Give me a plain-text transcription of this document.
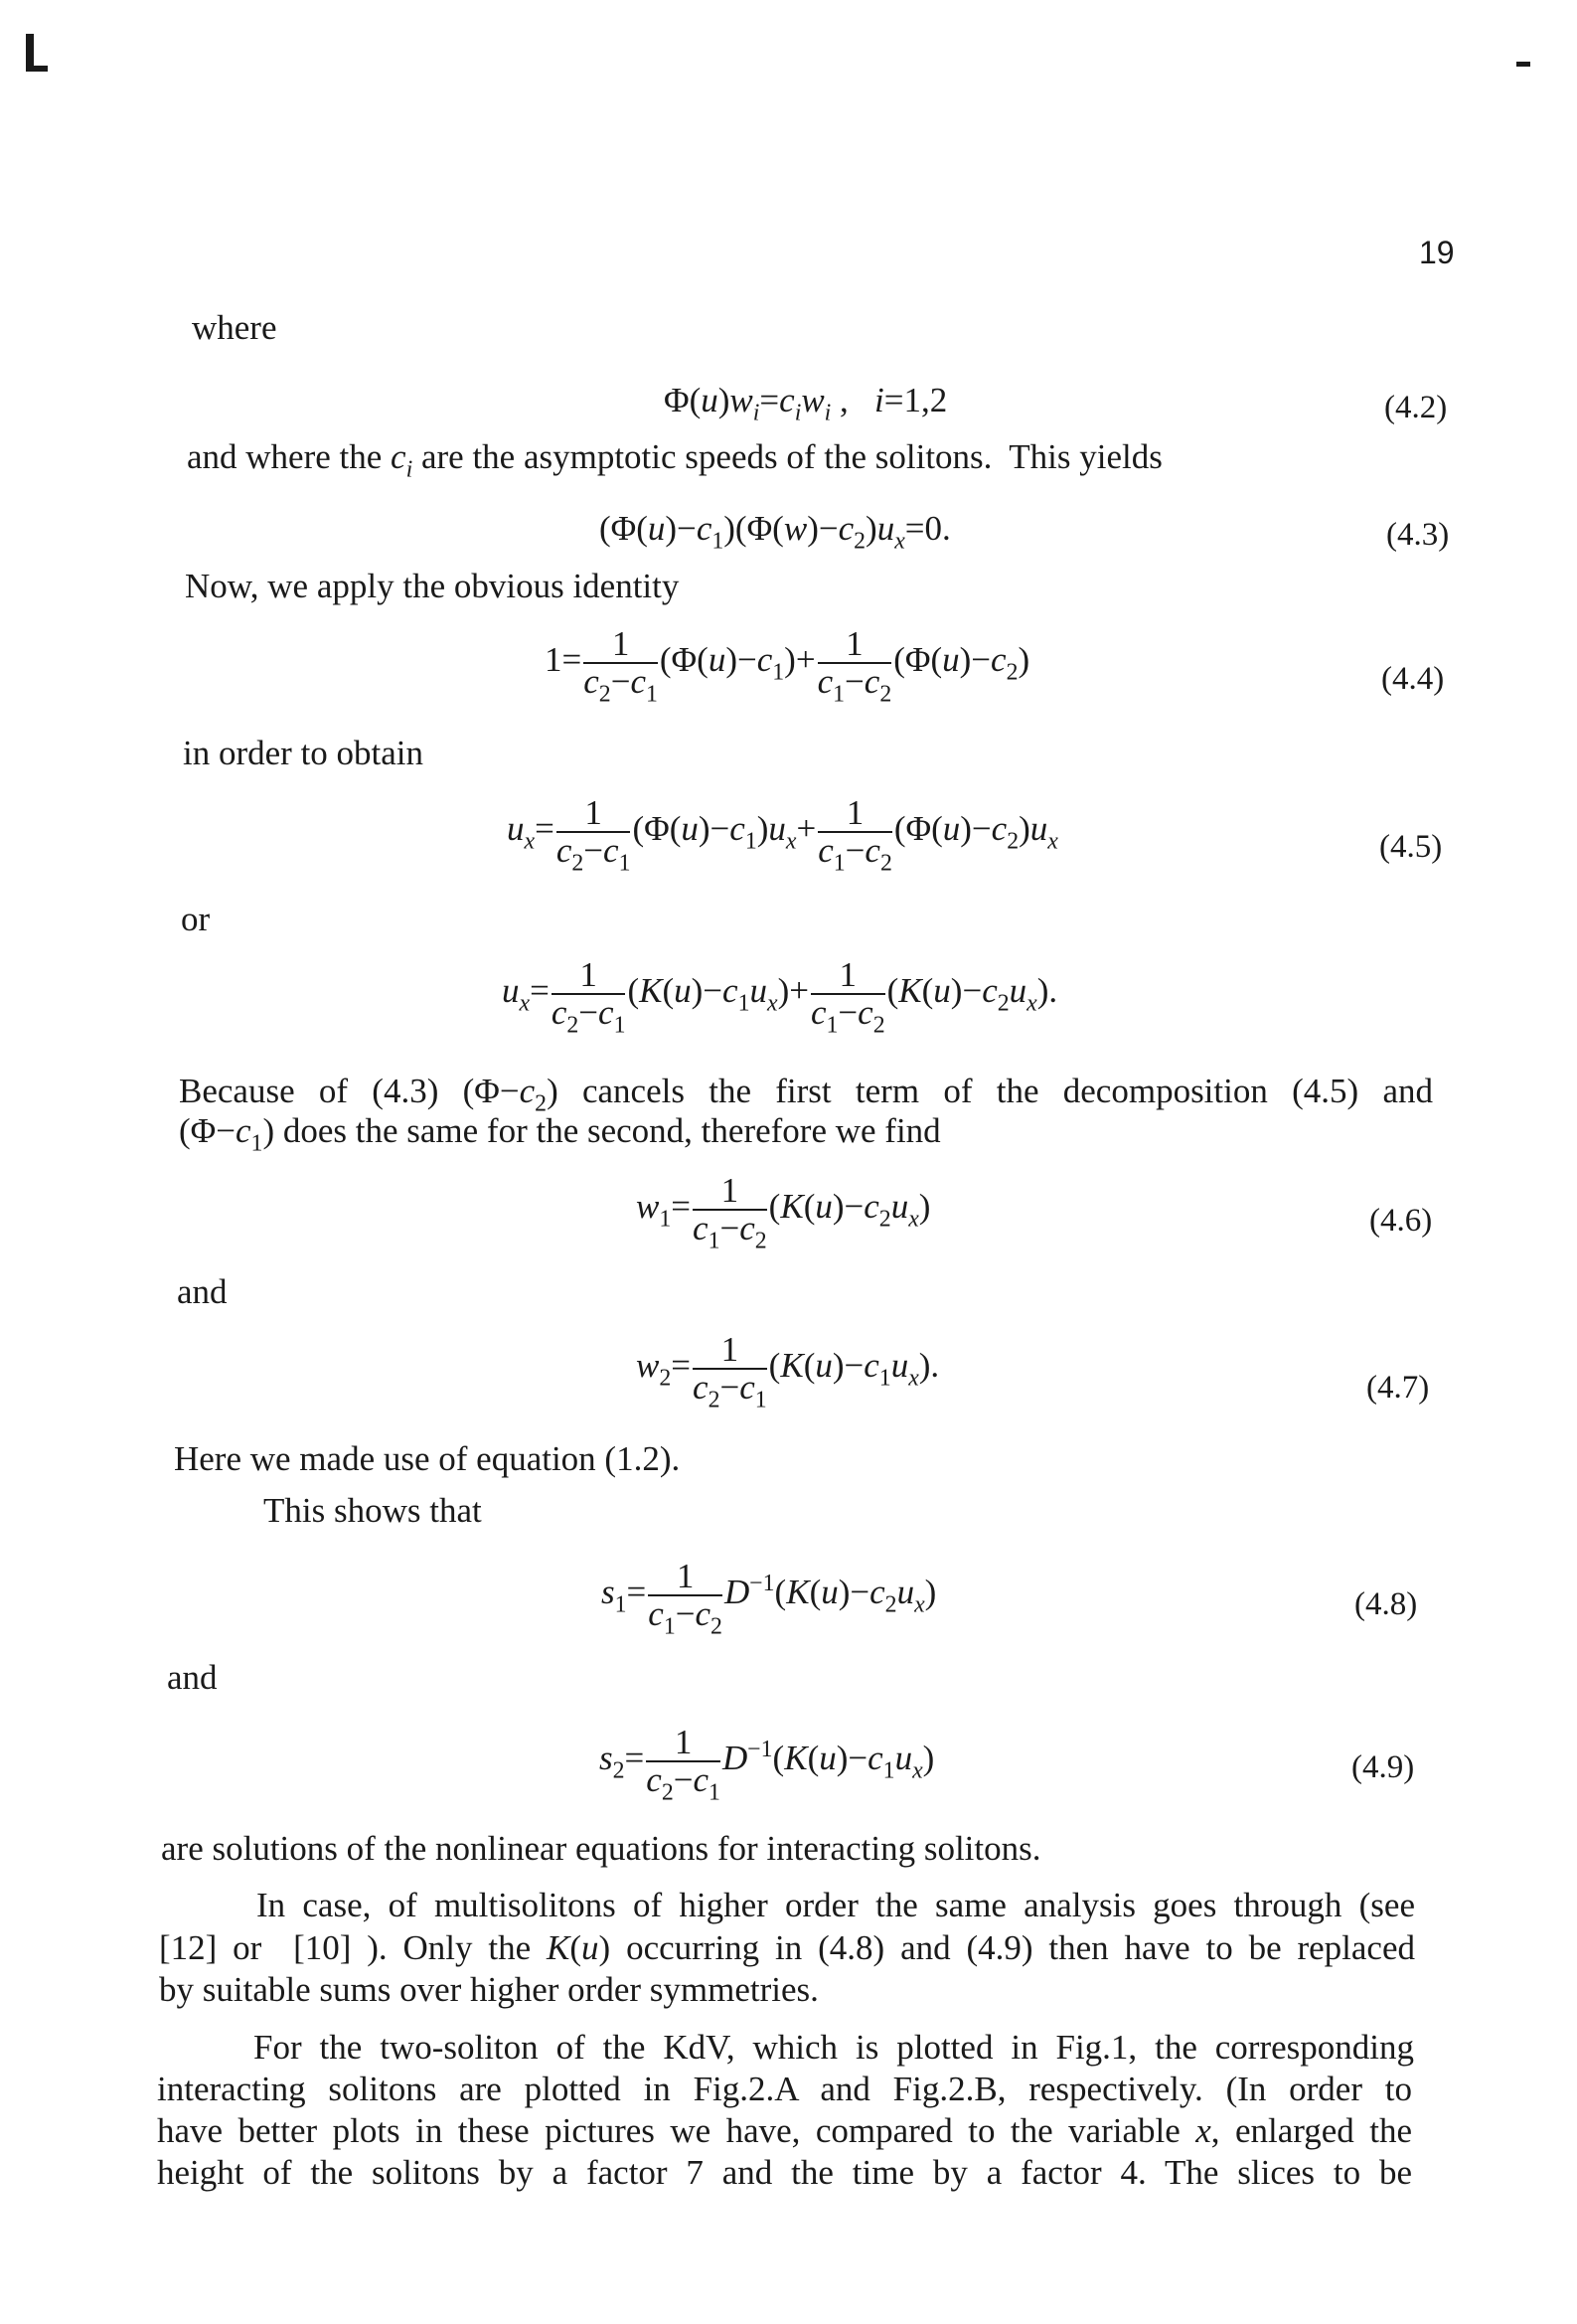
19
where
$\Phi(u)w_i=c_iw_i$ ,   i=1,2	(4.2)
and where the $c_i$ are the asymptotic speeds of the solitons.  This yields
$(\Phi(u)-c_1)(\Phi(w)-c_2)u_x=0$.	(4.3)
Now, we apply the obvious identity
$1= \frac{1}{c_2-c_1} (\Phi(u)-c_1)+ \frac{1}{c_1-c_2} (\Phi(u)-c_2)$	(4.4)
in order to obtain
$u_x= \frac{1}{c_2-c_1} (\Phi(u)-c_1)u_x+ \frac{1}{c_1-c_2} (\Phi(u)-c_2)u_x$	(4.5)
or
$u_x= \frac{1}{c_2-c_1} (K(u)-c_1u_x)+ \frac{1}{c_1-c_2} (K(u)-c_2u_x)$.
Because of (4.3) $(\Phi-c_2)$ cancels the first term of the decomposition (4.5) and
$(\Phi-c_1)$ does the same for the second, therefore we find
$w_1= \frac{1}{c_1-c_2} (K(u)-c_2u_x)$	(4.6)
and
$w_2= \frac{1}{c_2-c_1} (K(u)-c_1u_x)$.
(4.7)
Here we made use of equation (1.2).
This shows that
$s_1= \frac{1}{c_1-c_2} D^{-1}(K(u)-c_2u_x)$	(4.8)
and
$s_2= \frac{1}{c_2-c_1} D^{-1}(K(u)-c_1u_x)$	(4.9)
are solutions of the nonlinear equations for interacting solitons.
In case, of multisolitons of higher order the same analysis goes through (see
[12] or  [10] ). Only the K(u) occurring in (4.8) and (4.9) then have to be replaced
by suitable sums over higher order symmetries.
For the two-soliton of the KdV, which is plotted in Fig.1, the corresponding
interacting solitons are plotted in Fig.2.A and Fig.2.B, respectively. (In order to
have better plots in these pictures we have, compared to the variable x, enlarged the
height of the solitons by a factor 7 and the time by a factor 4. The slices to be
